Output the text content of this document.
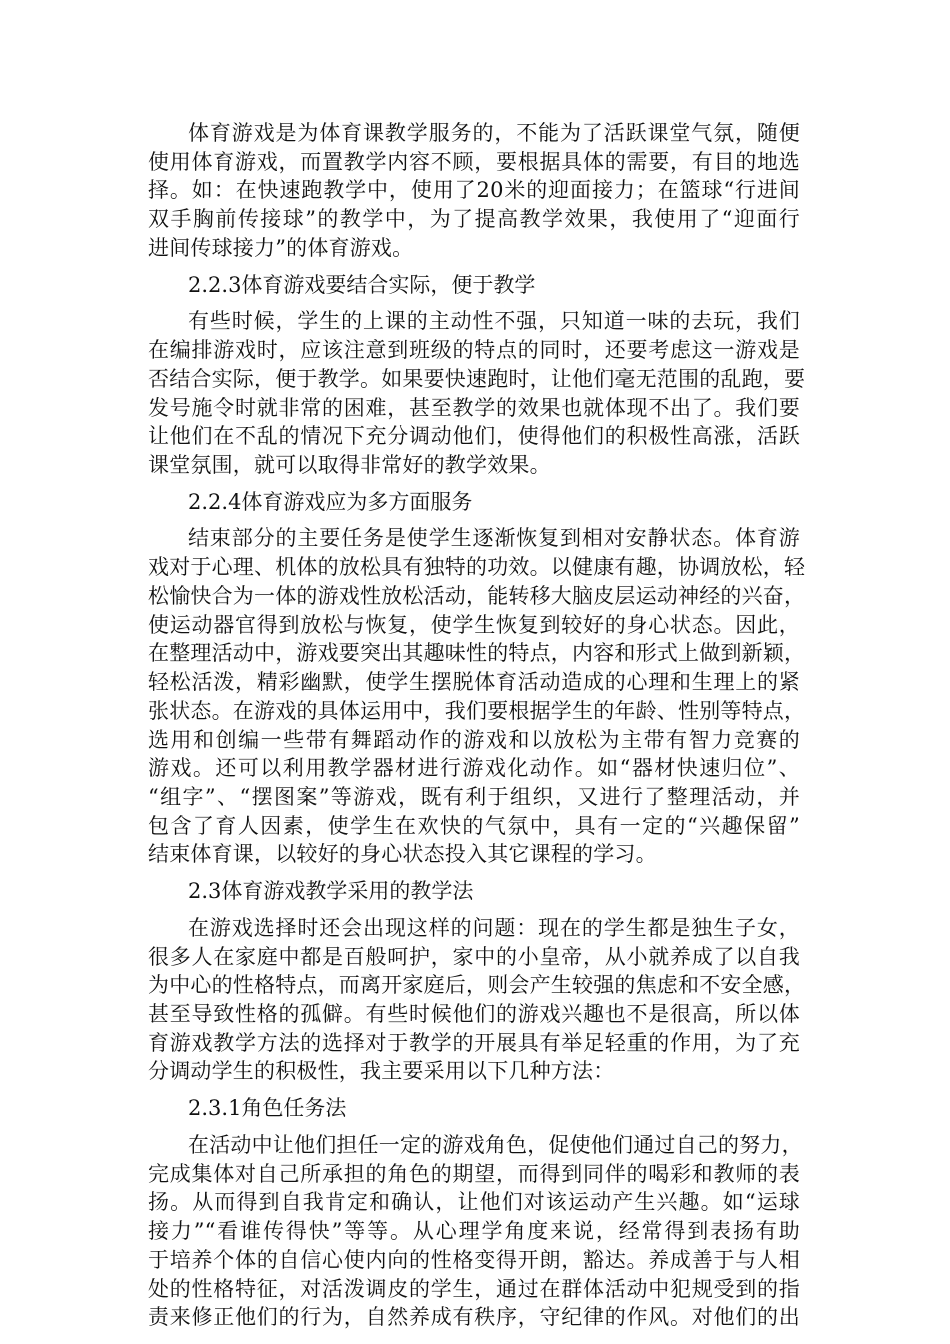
体育游戏是为体育课教学服务的，不能为了活跃课堂气氛，随便
使用体育游戏，而置教学内容不顾，要根据具体的需要，有目的地选
择。如：在快速跑教学中，使用了20米的迎面接力；在篮球“行进间
双手胸前传接球”的教学中，为了提高教学效果，我使用了“迎面行
进间传球接力”的体育游戏。
2.2.3体育游戏要结合实际，便于教学
有些时候，学生的上课的主动性不强，只知道一味的去玩，我们
在编排游戏时，应该注意到班级的特点的同时，还要考虑这一游戏是
否结合实际，便于教学。如果要快速跑时，让他们毫无范围的乱跑，要
发号施令时就非常的困难，甚至教学的效果也就体现不出了。我们要
让他们在不乱的情况下充分调动他们，使得他们的积极性高涨，活跃
课堂氛围，就可以取得非常好的教学效果。
2.2.4体育游戏应为多方面服务
结束部分的主要任务是使学生逐渐恢复到相对安静状态。体育游
戏对于心理、机体的放松具有独特的功效。以健康有趣，协调放松，轻
松愉快合为一体的游戏性放松活动，能转移大脑皮层运动神经的兴奋，
使运动器官得到放松与恢复，使学生恢复到较好的身心状态。因此，
在整理活动中，游戏要突出其趣味性的特点，内容和形式上做到新颖，
轻松活泼，精彩幽默，使学生摆脱体育活动造成的心理和生理上的紧
张状态。在游戏的具体运用中，我们要根据学生的年龄、性别等特点，
选用和创编一些带有舞蹈动作的游戏和以放松为主带有智力竞赛的
游戏。还可以利用教学器材进行游戏化动作。如“器材快速归位”、
“组字”、“摆图案”等游戏，既有利于组织，又进行了整理活动，并
包含了育人因素，使学生在欢快的气氛中，具有一定的“兴趣保留”
结束体育课，以较好的身心状态投入其它课程的学习。
2.3体育游戏教学采用的教学法
在游戏选择时还会出现这样的问题：现在的学生都是独生子女，
很多人在家庭中都是百般呵护，家中的小皇帝，从小就养成了以自我
为中心的性格特点，而离开家庭后，则会产生较强的焦虑和不安全感，
甚至导致性格的孤僻。有些时候他们的游戏兴趣也不是很高，所以体
育游戏教学方法的选择对于教学的开展具有举足轻重的作用，为了充
分调动学生的积极性，我主要采用以下几种方法：
2.3.1角色任务法
在活动中让他们担任一定的游戏角色，促使他们通过自己的努力，
完成集体对自己所承担的角色的期望，而得到同伴的喝彩和教师的表
扬。从而得到自我肯定和确认，让他们对该运动产生兴趣。如“运球
接力”“看谁传得快”等等。从心理学角度来说，经常得到表扬有助
于培养个体的自信心使内向的性格变得开朗，豁达。养成善于与人相
处的性格特征，对活泼调皮的学生，通过在群体活动中犯规受到的指
责来修正他们的行为，自然养成有秩序，守纪律的作风。对他们的出
